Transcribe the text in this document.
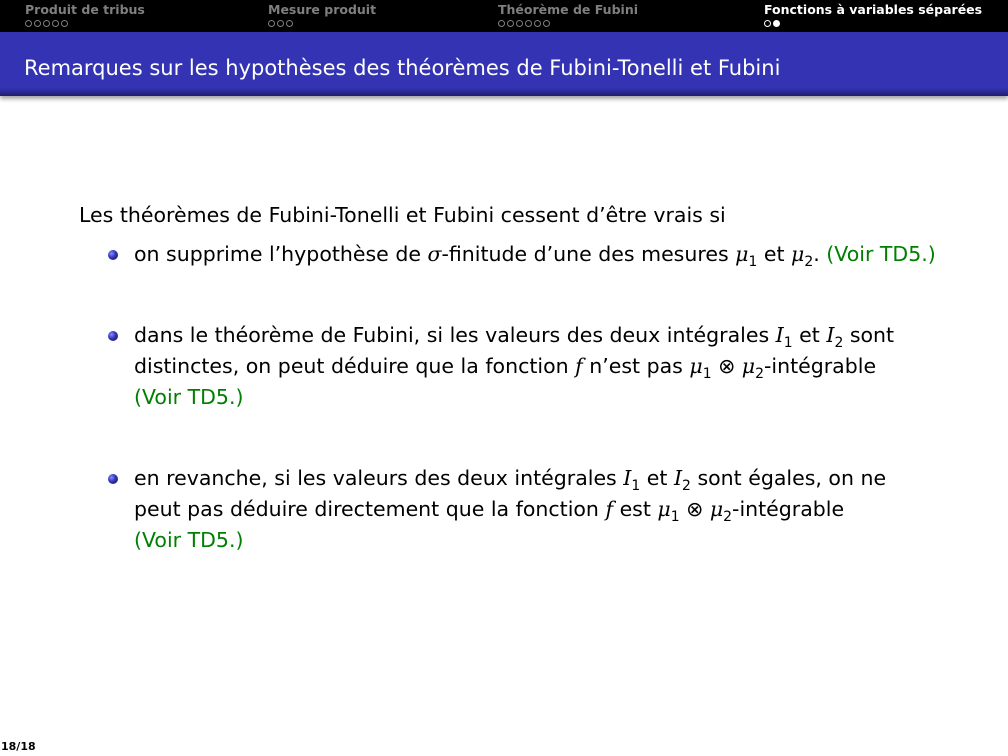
Produit de tribus	Mesure produit	Théorème de Fubini	Fonctions à variables séparées
Remarques sur les hypothèses des théorèmes de Fubini-Tonelli et Fubini

Les théorèmes de Fubini-Tonelli et Fubini cessent d’être vrais si

on supprime l’hypothèse de σ-finitude d’une des mesures $\mu_1$ et $\mu_2$. (Voir TD5.)
dans le théorème de Fubini, si les valeurs des deux intégrales $I_1$ et $I_2$ sont distinctes, on peut déduire que la fonction f n’est pas $\mu_1$ ⊗ $\mu_2$-intégrable
(Voir TD5.)
en revanche, si les valeurs des deux intégrales $I_1$ et $I_2$ sont égales, on ne peut pas déduire directement que la fonction f est $\mu_1$ ⊗ $\mu_2$-intégrable
(Voir TD5.)
18/18
